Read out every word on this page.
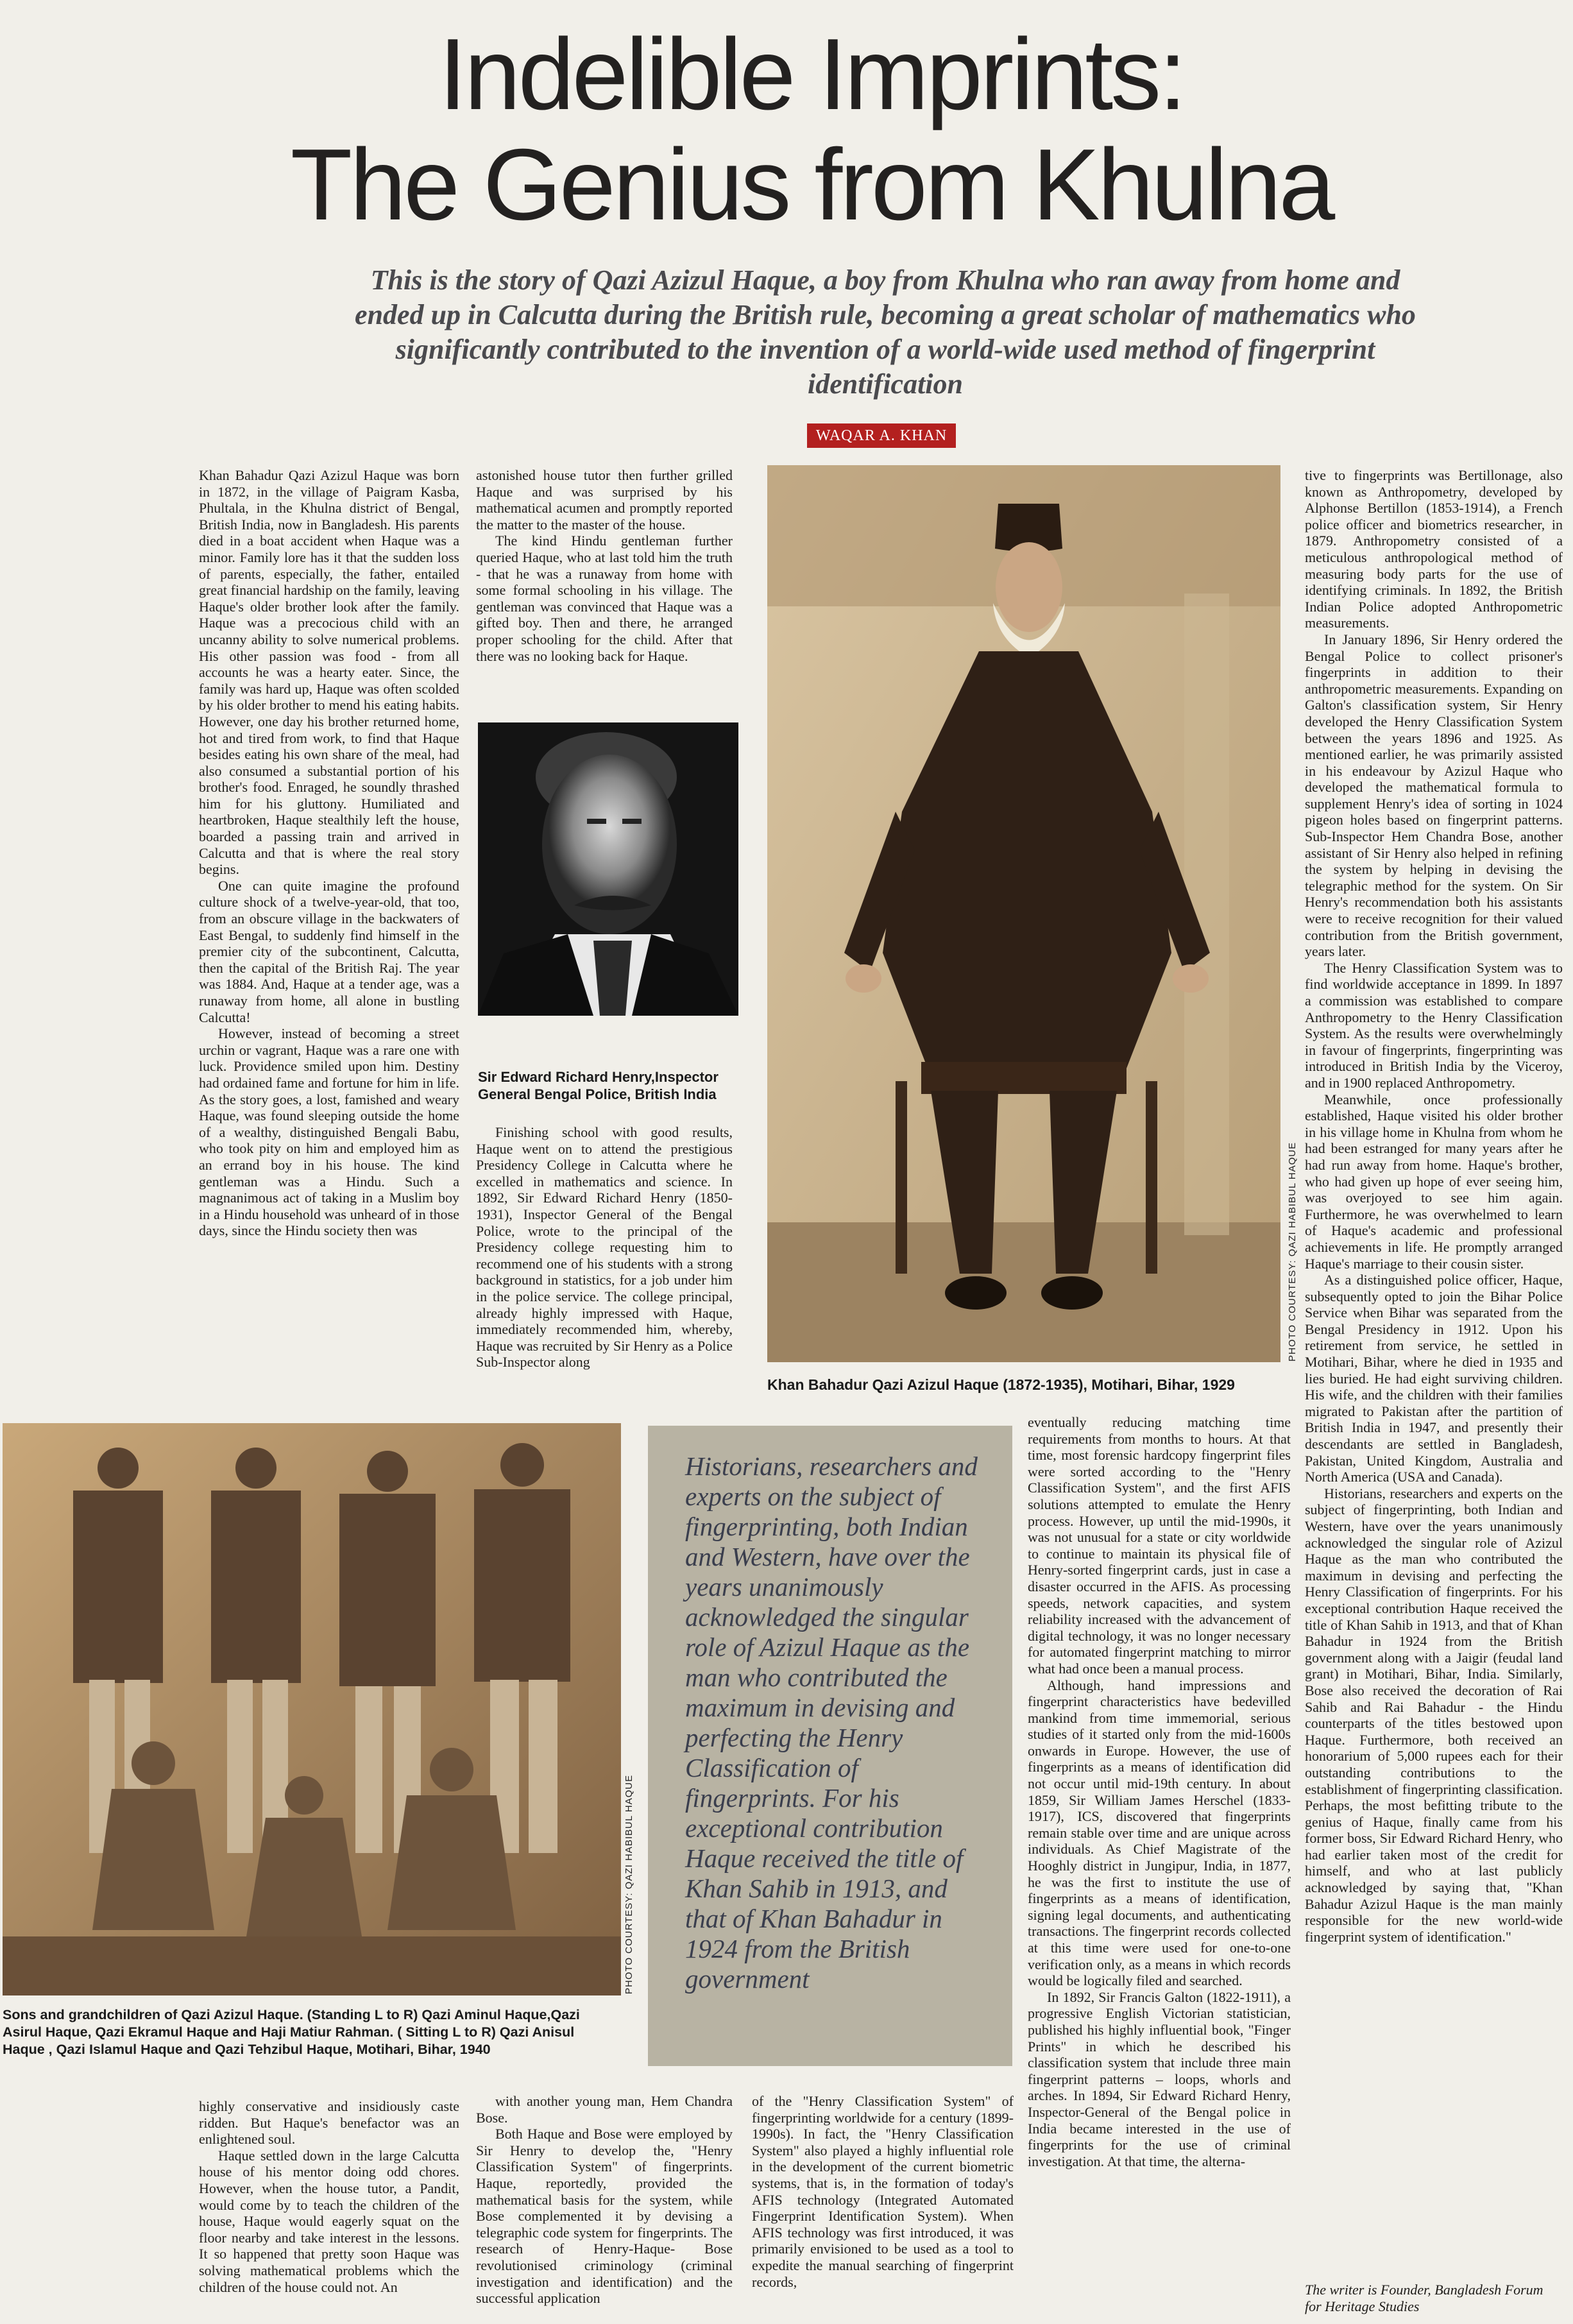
Indelible Imprints:
The Genius from Khulna
This is the story of Qazi Azizul Haque, a boy from Khulna who ran away from home and ended up in Calcutta during the British rule, becoming a great scholar of mathematics who significantly contributed to the invention of a world-wide used method of fingerprint identification
WAQAR A. KHAN

Khan Bahadur Qazi Azizul Haque was born in 1872, in the village of Paigram Kasba, Phultala, in the Khulna district of Bengal, British India, now in Bangladesh. His parents died in a boat accident when Haque was a minor. Family lore has it that the sudden loss of parents, especially, the father, entailed great financial hardship on the family, leaving Haque's older brother look after the family. Haque was a precocious child with an uncanny ability to solve numerical problems. His other passion was food - from all accounts he was a hearty eater. Since, the family was hard up, Haque was often scolded by his older brother to mend his eating habits. However, one day his brother returned home, hot and tired from work, to find that Haque besides eating his own share of the meal, had also consumed a substantial portion of his brother's food. Enraged, he soundly thrashed him for his gluttony. Humiliated and heartbroken, Haque stealthily left the house, boarded a passing train and arrived in Calcutta and that is where the real story begins.

One can quite imagine the profound culture shock of a twelve-year-old, that too, from an obscure village in the backwaters of East Bengal, to suddenly find himself in the premier city of the subcontinent, Calcutta, then the capital of the British Raj. The year was 1884. And, Haque at a tender age, was a runaway from home, all alone in bustling Calcutta!

However, instead of becoming a street urchin or vagrant, Haque was a rare one with luck. Providence smiled upon him. Destiny had ordained fame and fortune for him in life. As the story goes, a lost, famished and weary Haque, was found sleeping outside the home of a wealthy, distinguished Bengali Babu, who took pity on him and employed him as an errand boy in his house. The kind gentleman was a Hindu. Such a magnanimous act of taking in a Muslim boy in a Hindu household was unheard of in those days, since the Hindu society then was

astonished house tutor then further grilled Haque and was surprised by his mathematical acumen and promptly reported the matter to the master of the house.

The kind Hindu gentleman further queried Haque, who at last told him the truth - that he was a runaway from home with some formal schooling in his village. The gentleman was convinced that Haque was a gifted boy. Then and there, he arranged proper schooling for the child. After that there was no looking back for Haque.

Sir Edward Richard Henry,Inspector General Bengal Police, British India

Finishing school with good results, Haque went on to attend the prestigious Presidency College in Calcutta where he excelled in mathematics and science. In 1892, Sir Edward Richard Henry (1850-1931), Inspector General of the Bengal Police, wrote to the principal of the Presidency college requesting him to recommend one of his students with a strong background in statistics, for a job under him in the police service. The college principal, already highly impressed with Haque, immediately recommended him, whereby, Haque was recruited by Sir Henry as a Police Sub-Inspector along

PHOTO COURTESY: QAZI HABIBUL HAQUE
Khan Bahadur Qazi Azizul Haque (1872-1935), Motihari, Bihar, 1929

tive to fingerprints was Bertillonage, also known as Anthropometry, developed by Alphonse Bertillon (1853-1914), a French police officer and biometrics researcher, in 1879. Anthropometry consisted of a meticulous anthropological method of measuring body parts for the use of identifying criminals. In 1892, the British Indian Police adopted Anthropometric measurements.

In January 1896, Sir Henry ordered the Bengal Police to collect prisoner's fingerprints in addition to their anthropometric measurements. Expanding on Galton's classification system, Sir Henry developed the Henry Classification System between the years 1896 and 1925. As mentioned earlier, he was primarily assisted in his endeavour by Azizul Haque who developed the mathematical formula to supplement Henry's idea of sorting in 1024 pigeon holes based on fingerprint patterns. Sub-Inspector Hem Chandra Bose, another assistant of Sir Henry also helped in refining the system by helping in devising the telegraphic method for the system. On Sir Henry's recommendation both his assistants were to receive recognition for their valued contribution from the British government, years later.

The Henry Classification System was to find worldwide acceptance in 1899. In 1897 a commission was established to compare Anthropometry to the Henry Classification System. As the results were overwhelmingly in favour of fingerprints, fingerprinting was introduced in British India by the Viceroy, and in 1900 replaced Anthropometry.

Meanwhile, once professionally established, Haque visited his older brother in his village home in Khulna from whom he had been estranged for many years after he had run away from home. Haque's brother, who had given up hope of ever seeing him, was overjoyed to see him again. Furthermore, he was overwhelmed to learn of Haque's academic and professional achievements in life. He promptly arranged Haque's marriage to their cousin sister.

As a distinguished police officer, Haque, subsequently opted to join the Bihar Police Service when Bihar was separated from the Bengal Presidency in 1912. Upon his retirement from service, he settled in Motihari, Bihar, where he died in 1935 and lies buried. He had eight surviving children. His wife, and the children with their families migrated to Pakistan after the partition of British India in 1947, and presently their descendants are settled in Bangladesh, Pakistan, United Kingdom, Australia and North America (USA and Canada).

Historians, researchers and experts on the subject of fingerprinting, both Indian and Western, have over the years unanimously acknowledged the singular role of Azizul Haque as the man who contributed the maximum in devising and perfecting the Henry Classification of fingerprints. For his exceptional contribution Haque received the title of Khan Sahib in 1913, and that of Khan Bahadur in 1924 from the British government along with a Jaigir (feudal land grant) in Motihari, Bihar, India. Similarly, Bose also received the decoration of Rai Sahib and Rai Bahadur - the Hindu counterparts of the titles bestowed upon Haque. Furthermore, both received an honorarium of 5,000 rupees each for their outstanding contributions to the establishment of fingerprinting classification. Perhaps, the most befitting tribute to the genius of Haque, finally came from his former boss, Sir Edward Richard Henry, who had earlier taken most of the credit for himself, and who at last publicly acknowledged by saying that, "Khan Bahadur Azizul Haque is the man mainly responsible for the new world-wide fingerprint system of identification."

The writer is Founder, Bangladesh Forum
for Heritage Studies
PHOTO COURTESY: QAZI HABIBUL HAQUE
Sons and grandchildren of Qazi Azizul Haque. (Standing L to R) Qazi Aminul Haque,Qazi Asirul Haque, Qazi Ekramul Haque and Haji Matiur Rahman. ( Sitting L to R) Qazi Anisul Haque , Qazi Islamul Haque and Qazi Tehzibul Haque, Motihari, Bihar, 1940
Historians, researchers and experts on the subject of fingerprinting, both Indian and Western, have over the years unanimously acknowledged the singular role of Azizul Haque as the man who contributed the maximum in devising and perfecting the Henry Classification of fingerprints. For his exceptional contribution Haque received the title of Khan Sahib in 1913, and that of Khan Bahadur in 1924 from the British government

eventually reducing matching time requirements from months to hours. At that time, most forensic hardcopy fingerprint files were sorted according to the "Henry Classification System", and the first AFIS solutions attempted to emulate the Henry process. However, up until the mid-1990s, it was not unusual for a state or city worldwide to continue to maintain its physical file of Henry-sorted fingerprint cards, just in case a disaster occurred in the AFIS. As processing speeds, network capacities, and system reliability increased with the advancement of digital technology, it was no longer necessary for automated fingerprint matching to mirror what had once been a manual process.

Although, hand impressions and fingerprint characteristics have bedevilled mankind from time immemorial, serious studies of it started only from the mid-1600s onwards in Europe. However, the use of fingerprints as a means of identification did not occur until mid-19th century. In about 1859, Sir William James Herschel (1833-1917), ICS, discovered that fingerprints remain stable over time and are unique across individuals. As Chief Magistrate of the Hooghly district in Jungipur, India, in 1877, he was the first to institute the use of fingerprints as a means of identification, signing legal documents, and authenticating transactions. The fingerprint records collected at this time were used for one-to-one verification only, as a means in which records would be logically filed and searched.

In 1892, Sir Francis Galton (1822-1911), a progressive English Victorian statistician, published his highly influential book, "Finger Prints" in which he described his classification system that include three main fingerprint patterns – loops, whorls and arches. In 1894, Sir Edward Richard Henry, Inspector-General of the Bengal police in India became interested in the use of fingerprints for the use of criminal investigation. At that time, the alterna-

highly conservative and insidiously caste ridden. But Haque's benefactor was an enlightened soul.

Haque settled down in the large Calcutta house of his mentor doing odd chores. However, when the house tutor, a Pandit, would come by to teach the children of the house, Haque would eagerly squat on the floor nearby and take interest in the lessons. It so happened that pretty soon Haque was solving mathematical problems which the children of the house could not. An

with another young man, Hem Chandra Bose.

Both Haque and Bose were employed by Sir Henry to develop the, "Henry Classification System" of fingerprints. Haque, reportedly, provided the mathematical basis for the system, while Bose complemented it by devising a telegraphic code system for fingerprints. The research of Henry-Haque- Bose revolutionised criminology (criminal investigation and identification) and the successful application

of the "Henry Classification System" of fingerprinting worldwide for a century (1899-1990s). In fact, the "Henry Classification System" also played a highly influential role in the development of the current biometric systems, that is, in the formation of today's AFIS technology (Integrated Automated Fingerprint Identification System). When AFIS technology was first introduced, it was primarily envisioned to be used as a tool to expedite the manual searching of fingerprint records,
